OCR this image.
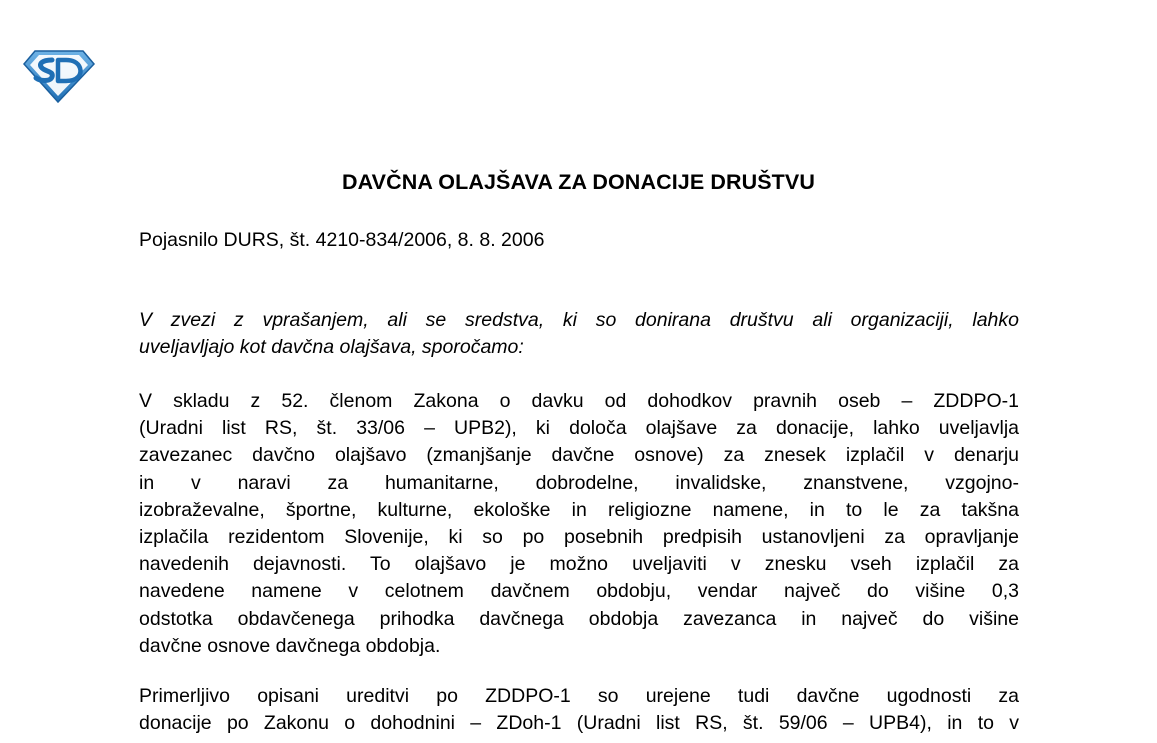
DAVČNA OLAJŠAVA ZA DONACIJE DRUŠTVU
Pojasnilo DURS, št. 4210-834/2006, 8. 8. 2006
V zvezi z vprašanjem, ali se sredstva, ki so donirana društvu ali organizaciji, lahko
uveljavljajo kot davčna olajšava, sporočamo:
V skladu z 52. členom Zakona o davku od dohodkov pravnih oseb – ZDDPO-1
(Uradni list RS, št. 33/06 – UPB2), ki določa olajšave za donacije, lahko uveljavlja
zavezanec davčno olajšavo (zmanjšanje davčne osnove) za znesek izplačil v denarju
in v naravi za humanitarne, dobrodelne, invalidske, znanstvene, vzgojno-
izobraževalne, športne, kulturne, ekološke in religiozne namene, in to le za takšna
izplačila rezidentom Slovenije, ki so po posebnih predpisih ustanovljeni za opravljanje
navedenih dejavnosti. To olajšavo je možno uveljaviti v znesku vseh izplačil za
navedene namene v celotnem davčnem obdobju, vendar največ do višine 0,3
odstotka obdavčenega prihodka davčnega obdobja zavezanca in največ do višine
davčne osnove davčnega obdobja.
Primerljivo opisani ureditvi po ZDDPO-1 so urejene tudi davčne ugodnosti za
donacije po Zakonu o dohodnini – ZDoh-1 (Uradni list RS, št. 59/06 – UPB4), in to v
